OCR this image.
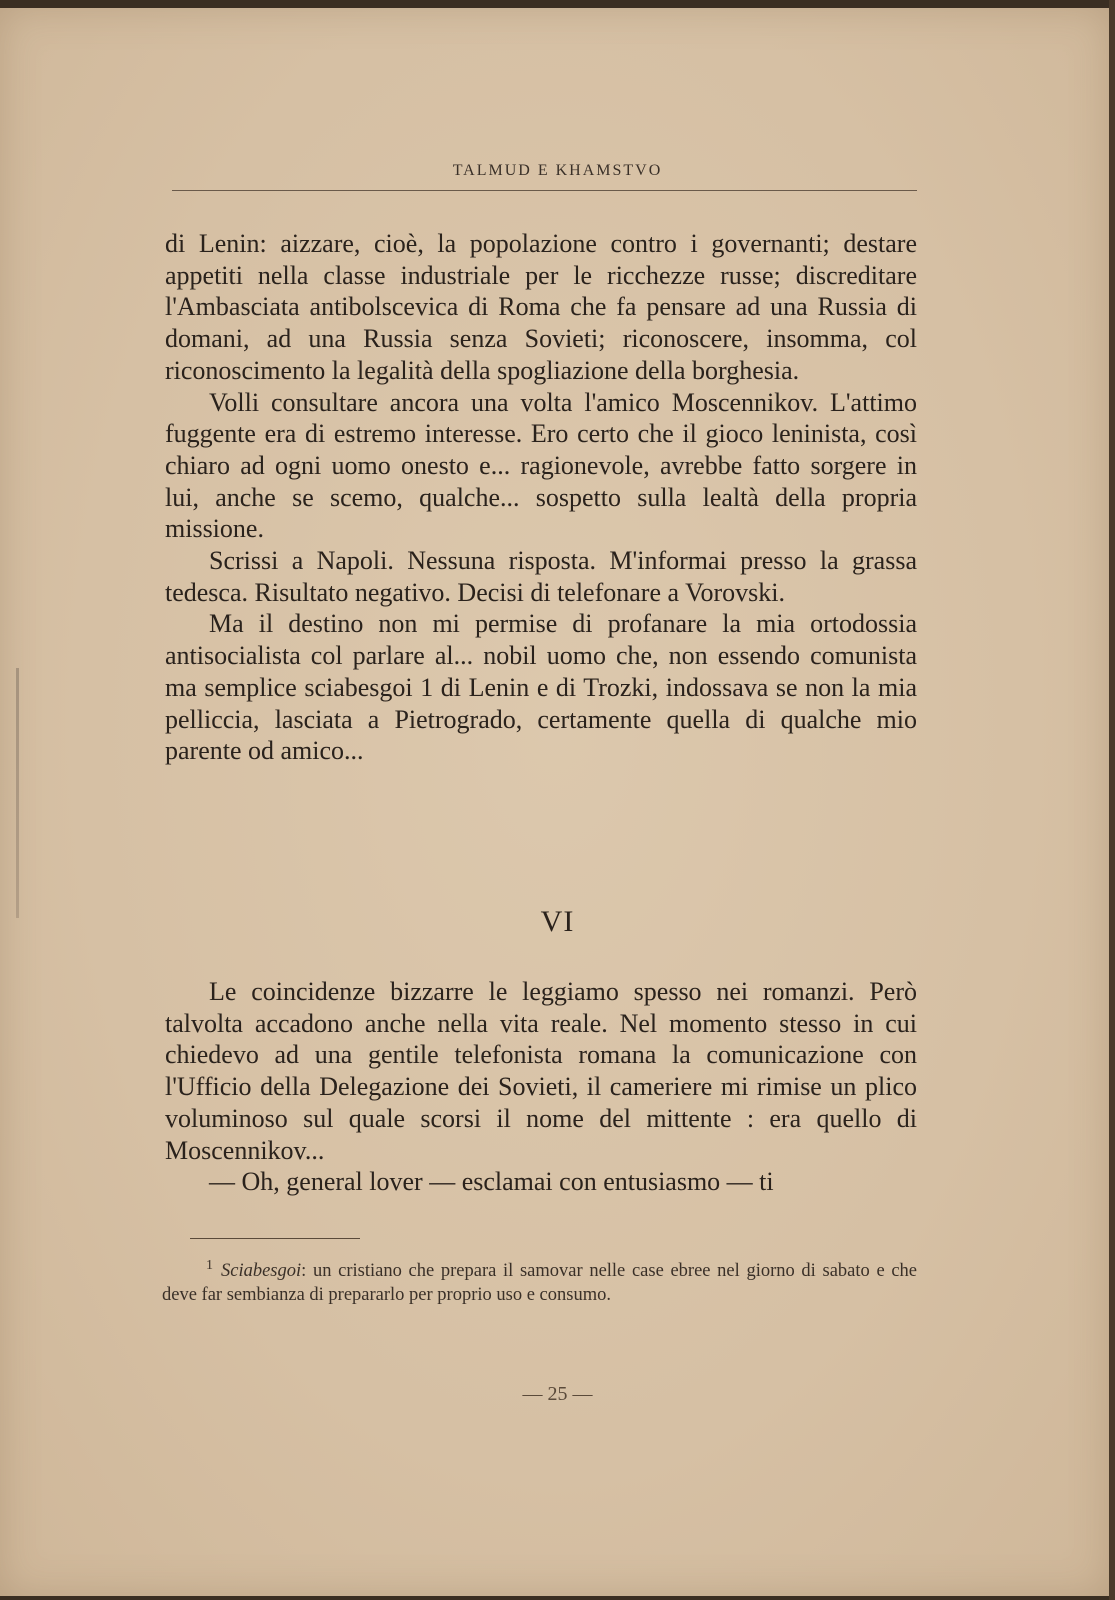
TALMUD E KHAMSTVO

di Lenin: aizzare, cioè, la popolazione contro i governanti; destare appetiti nella classe industriale per le ricchezze russe; discreditare l'Ambasciata antibolscevica di Roma che fa pensare ad una Russia di domani, ad una Russia senza Sovieti; riconoscere, insomma, col riconoscimento la legalità della spogliazione della borghesia.

Volli consultare ancora una volta l'amico Moscennikov. L'attimo fuggente era di estremo interesse. Ero certo che il gioco leninista, così chiaro ad ogni uomo onesto e... ragionevole, avrebbe fatto sorgere in lui, anche se scemo, qualche... sospetto sulla lealtà della propria missione.

Scrissi a Napoli. Nessuna risposta. M'informai presso la grassa tedesca. Risultato negativo. Decisi di telefonare a Vorovski.

Ma il destino non mi permise di profanare la mia ortodossia antisocialista col parlare al... nobil uomo che, non essendo comunista ma semplice sciabesgoi 1 di Lenin e di Trozki, indossava se non la mia pelliccia, lasciata a Pietrogrado, certamente quella di qualche mio parente od amico...

VI

Le coincidenze bizzarre le leggiamo spesso nei romanzi. Però talvolta accadono anche nella vita reale. Nel momento stesso in cui chiedevo ad una gentile telefonista romana la comunicazione con l'Ufficio della Delegazione dei Sovieti, il cameriere mi rimise un plico voluminoso sul quale scorsi il nome del mittente : era quello di Moscennikov...

— Oh, general lover — esclamai con entusiasmo — ti

$^1$ Sciabesgoi: un cristiano che prepara il samovar nelle case ebree nel giorno di sabato e che deve far sembianza di prepararlo per proprio uso e consumo.
— 25 —
